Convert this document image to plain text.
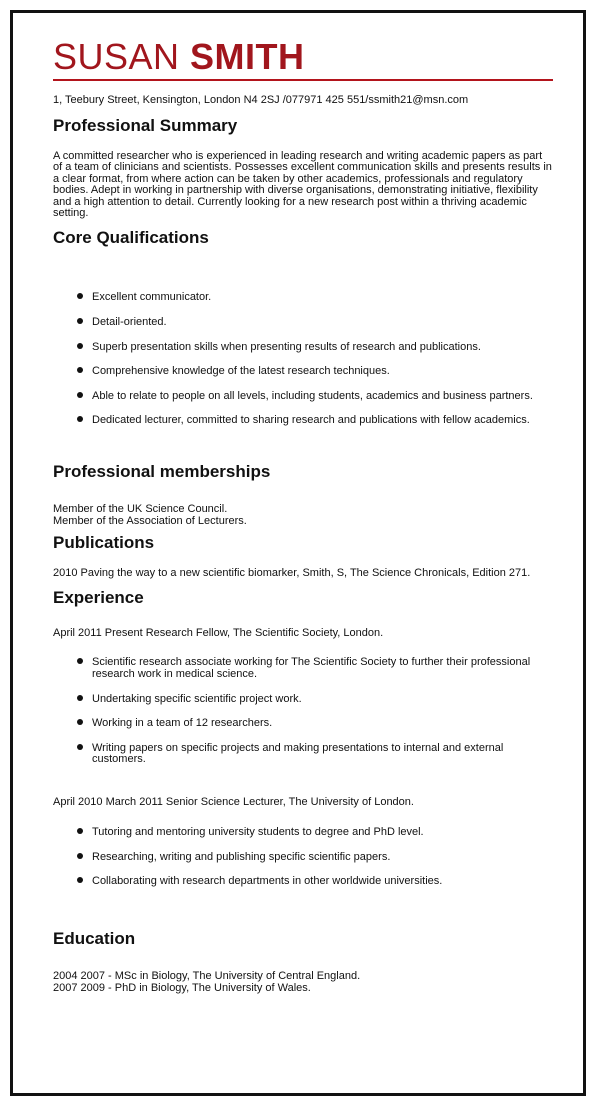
SUSAN SMITH
1, Teebury Street, Kensington, London N4 2SJ /077971 425 551/ssmith21@msn.com
Professional Summary

A committed researcher who is experienced in leading research and writing academic papers as part of a team of clinicians and scientists. Possesses excellent communication skills and presents results in a clear format, from where action can be taken by other academics, professionals and regulatory bodies. Adept in working in partnership with diverse organisations, demonstrating initiative, flexibility and a high attention to detail. Currently looking for a new research post within a thriving academic setting.

Core Qualifications
Excellent communicator.
Detail-oriented.
Superb presentation skills when presenting results of research and publications.
Comprehensive knowledge of the latest research techniques.
Able to relate to people on all levels, including students, academics and business partners.
Dedicated lecturer, committed to sharing research and publications with fellow academics.
Professional memberships
Member of the UK Science Council.
Member of the Association of Lecturers.
Publications

2010 Paving the way to a new scientific biomarker, Smith, S, The Science Chronicals, Edition 271.

Experience
April 2011 Present Research Fellow, The Scientific Society, London.
Scientific research associate working for The Scientific Society to further their professional research work in medical science.
Undertaking specific scientific project work.
Working in a team of 12 researchers.
Writing papers on specific projects and making presentations to internal and external customers.
April 2010 March 2011 Senior Science Lecturer, The University of London.
Tutoring and mentoring university students to degree and PhD level.
Researching, writing and publishing specific scientific papers.
Collaborating with research departments in other worldwide universities.
Education
2004 2007 - MSc in Biology, The University of Central England.
2007 2009 - PhD in Biology, The University of Wales.
